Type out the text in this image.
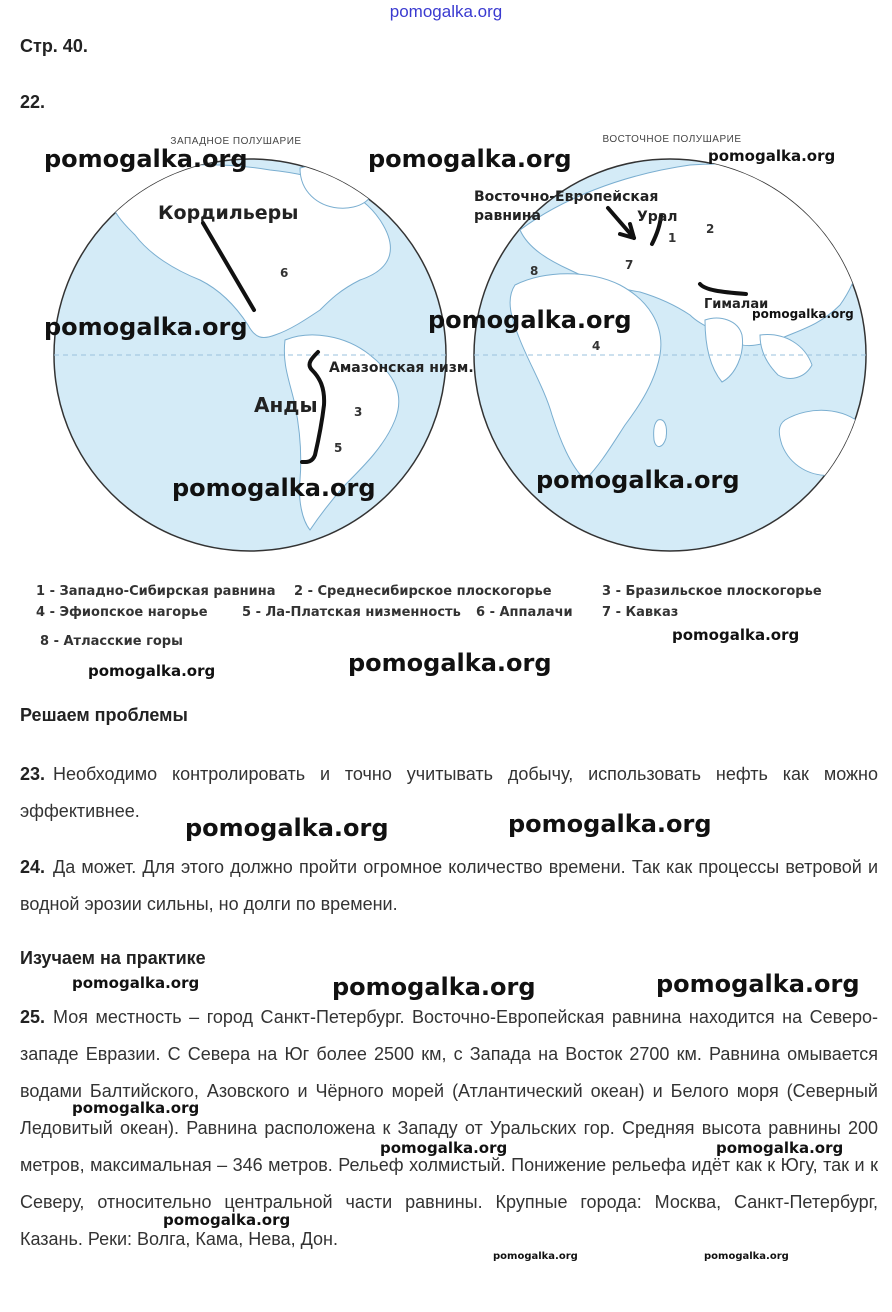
pomogalka.org
Стр. 40.
22.
ЗАПАДНОЕ ПОЛУШАРИЕ	ВОСТОЧНОЕ ПОЛУШАРИЕ
Кордильеры
Анды
Амазонская низм.
Восточно-Европейская
равнина	Урал
Гималаи
6
3
5
1
2
7
8
4
1 - Западно-Сибирская равнина 2 - Среднесибирское плоскогорье	3 - Бразильское плоскогорье
4 - Эфиопское нагорье	5 - Ла-Платская низменность 6 - Аппалачи 7 - Кавказ
8 - Атласские горы
Решаем проблемы
23. Необходимо контролировать и точно учитывать добычу, использовать нефть как можно эффективнее.
24. Да может. Для этого должно пройти огромное количество времени. Так как процессы ветровой и водной эрозии сильны, но долги по времени.
Изучаем на практике
25. Моя местность – город Санкт-Петербург. Восточно-Европейская равнина находится на Северо-западе Евразии. С Севера на Юг более 2500 км, с Запада на Восток 2700 км. Равнина омывается водами Балтийского, Азовского и Чёрного морей (Атлантический океан) и Белого моря (Северный Ледовитый океан). Равнина расположена к Западу от Уральских гор. Средняя высота равнины 200 метров, максимальная – 346 метров. Рельеф холмистый. Понижение рельефа идёт как к Югу, так и к Северу, относительно центральной части равнины. Крупные города: Москва, Санкт-Петербург, Казань. Реки: Волга, Кама, Нева, Дон.
pomogalka.org	pomogalka.org	pomogalka.org
pomogalka.org	pomogalka.org	pomogalka.org
pomogalka.org	pomogalka.org
pomogalka.org
pomogalka.org
pomogalka.org
pomogalka.org	pomogalka.org
pomogalka.org	pomogalka.org	pomogalka.org
pomogalka.org
pomogalka.org	pomogalka.org
pomogalka.org
pomogalka.org	pomogalka.org
